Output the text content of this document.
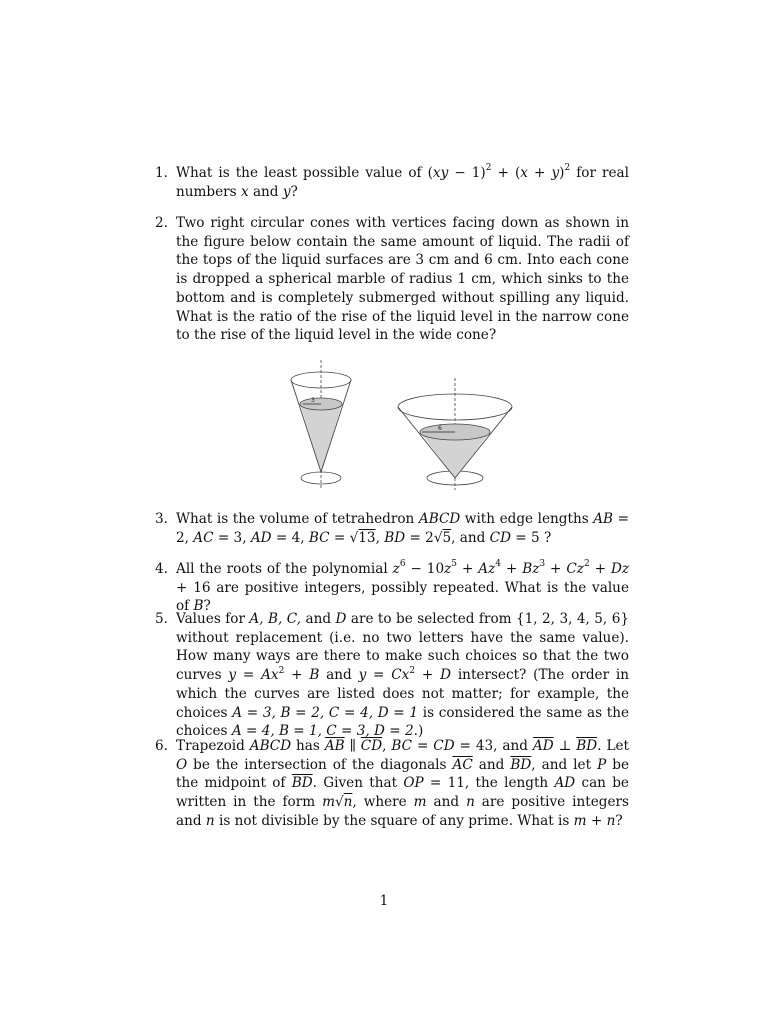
1. What is the least possible value of $(xy - 1)^2 + (x + y)^2$ for real numbers x and y?
2. Two right circular cones with vertices facing down as shown in the figure below contain the same amount of liquid. The radii of the tops of the liquid surfaces are 3 cm and 6 cm. Into each cone is dropped a spherical marble of radius 1 cm, which sinks to the bottom and is completely submerged without spilling any liquid. What is the ratio of the rise of the liquid level in the narrow cone to the rise of the liquid level in the wide cone?
3
6
3. What is the volume of tetrahedron ABCD with edge lengths AB = 2, AC = 3, AD = 4, BC = √13, BD = 2√5, and CD = 5 ?
4. All the roots of the polynomial $z^6 - 10z^5 + Az^4 + Bz^3 + Cz^2 + Dz + 16$ are positive integers, possibly repeated. What is the value of B?
5. Values for A, B, C, and D are to be selected from {1, 2, 3, 4, 5, 6} without replacement (i.e. no two letters have the same value). How many ways are there to make such choices so that the two curves $y = Ax^2 + B$ and $y = Cx^2 + D$ intersect? (The order in which the curves are listed does not matter; for example, the choices A = 3, B = 2, C = 4, D = 1 is considered the same as the choices A = 4, B = 1, C = 3, D = 2.)
6. Trapezoid ABCD has $\overline{AB}$ ∥ $\overline{CD}$, BC = CD = 43, and $\overline{AD}$ ⊥ $\overline{BD}$. Let O be the intersection of the diagonals $\overline{AC}$ and $\overline{BD}$, and let P be the midpoint of $\overline{BD}$. Given that OP = 11, the length AD can be written in the form m√n, where m and n are positive integers and n is not divisible by the square of any prime. What is m + n?
1
